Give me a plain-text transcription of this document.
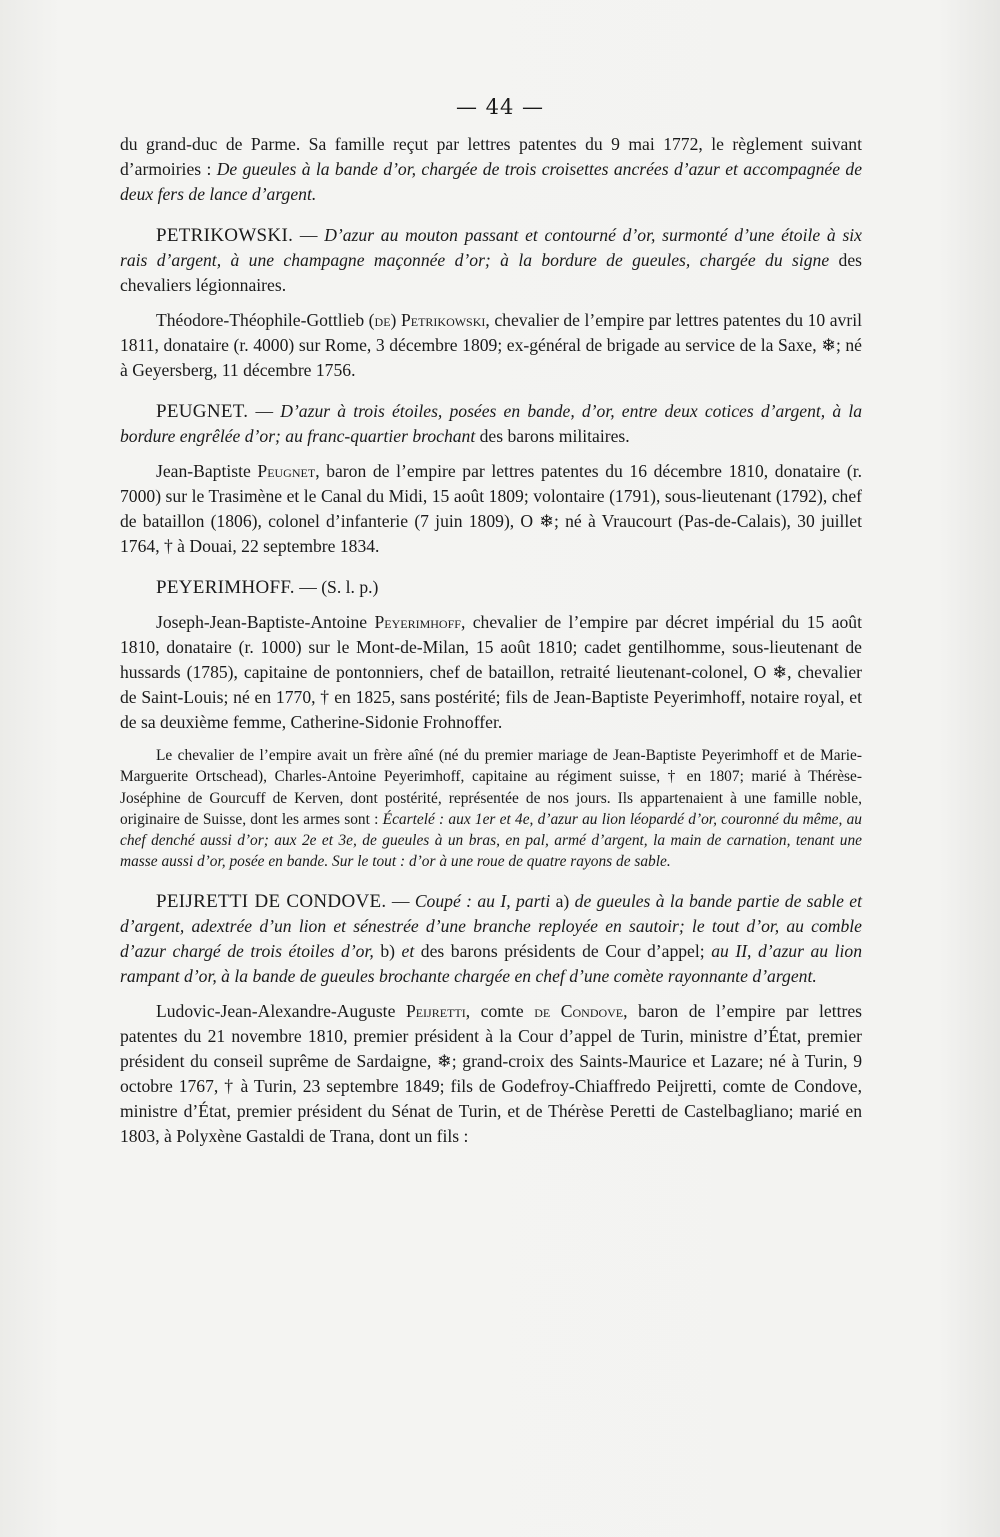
— 44 —

du grand-duc de Parme. Sa famille reçut par lettres patentes du 9 mai 1772, le règlement suivant d’armoiries : De gueules à la bande d’or, chargée de trois croisettes ancrées d’azur et accompagnée de deux fers de lance d’argent.

PETRIKOWSKI. — D’azur au mouton passant et contourné d’or, surmonté d’une étoile à six rais d’argent, à une champagne maçonnée d’or; à la bordure de gueules, chargée du signe des chevaliers légionnaires.

Théodore-Théophile-Gottlieb (de) Petrikowski, chevalier de l’empire par lettres patentes du 10 avril 1811, donataire (r. 4000) sur Rome, 3 décembre 1809; ex-général de brigade au service de la Saxe, ❄; né à Geyersberg, 11 décembre 1756.

PEUGNET. — D’azur à trois étoiles, posées en bande, d’or, entre deux cotices d’argent, à la bordure engrêlée d’or; au franc-quartier brochant des barons militaires.

Jean-Baptiste Peugnet, baron de l’empire par lettres patentes du 16 décembre 1810, donataire (r. 7000) sur le Trasimène et le Canal du Midi, 15 août 1809; volontaire (1791), sous-lieutenant (1792), chef de bataillon (1806), colonel d’infanterie (7 juin 1809), O ❄; né à Vraucourt (Pas-de-Calais), 30 juillet 1764, † à Douai, 22 septembre 1834.

PEYERIMHOFF. — (S. l. p.)

Joseph-Jean-Baptiste-Antoine Peyerimhoff, chevalier de l’empire par décret impérial du 15 août 1810, donataire (r. 1000) sur le Mont-de-Milan, 15 août 1810; cadet gentilhomme, sous-lieutenant de hussards (1785), capitaine de pontonniers, chef de bataillon, retraité lieutenant-colonel, O ❄, chevalier de Saint-Louis; né en 1770, † en 1825, sans postérité; fils de Jean-Baptiste Peyerimhoff, notaire royal, et de sa deuxième femme, Catherine-Sidonie Frohnoffer.

Le chevalier de l’empire avait un frère aîné (né du premier mariage de Jean-Baptiste Peyerimhoff et de Marie-Marguerite Ortschead), Charles-Antoine Peyerimhoff, capitaine au régiment suisse, † en 1807; marié à Thérèse-Joséphine de Gourcuff de Kerven, dont postérité, représentée de nos jours. Ils appartenaient à une famille noble, originaire de Suisse, dont les armes sont : Écartelé : aux 1er et 4e, d’azur au lion léopardé d’or, couronné du même, au chef denché aussi d’or; aux 2e et 3e, de gueules à un bras, en pal, armé d’argent, la main de carnation, tenant une masse aussi d’or, posée en bande. Sur le tout : d’or à une roue de quatre rayons de sable.

PEIJRETTI DE CONDOVE. — Coupé : au I, parti a) de gueules à la bande partie de sable et d’argent, adextrée d’un lion et sénestrée d’une branche reployée en sautoir; le tout d’or, au comble d’azur chargé de trois étoiles d’or, b) et des barons présidents de Cour d’appel; au II, d’azur au lion rampant d’or, à la bande de gueules brochante chargée en chef d’une comète rayonnante d’argent.

Ludovic-Jean-Alexandre-Auguste Peijretti, comte de Condove, baron de l’empire par lettres patentes du 21 novembre 1810, premier président à la Cour d’appel de Turin, ministre d’État, premier président du conseil suprême de Sardaigne, ❄; grand-croix des Saints-Maurice et Lazare; né à Turin, 9 octobre 1767, † à Turin, 23 septembre 1849; fils de Godefroy-Chiaffredo Peijretti, comte de Condove, ministre d’État, premier président du Sénat de Turin, et de Thérèse Peretti de Castelbagliano; marié en 1803, à Polyxène Gastaldi de Trana, dont un fils :
